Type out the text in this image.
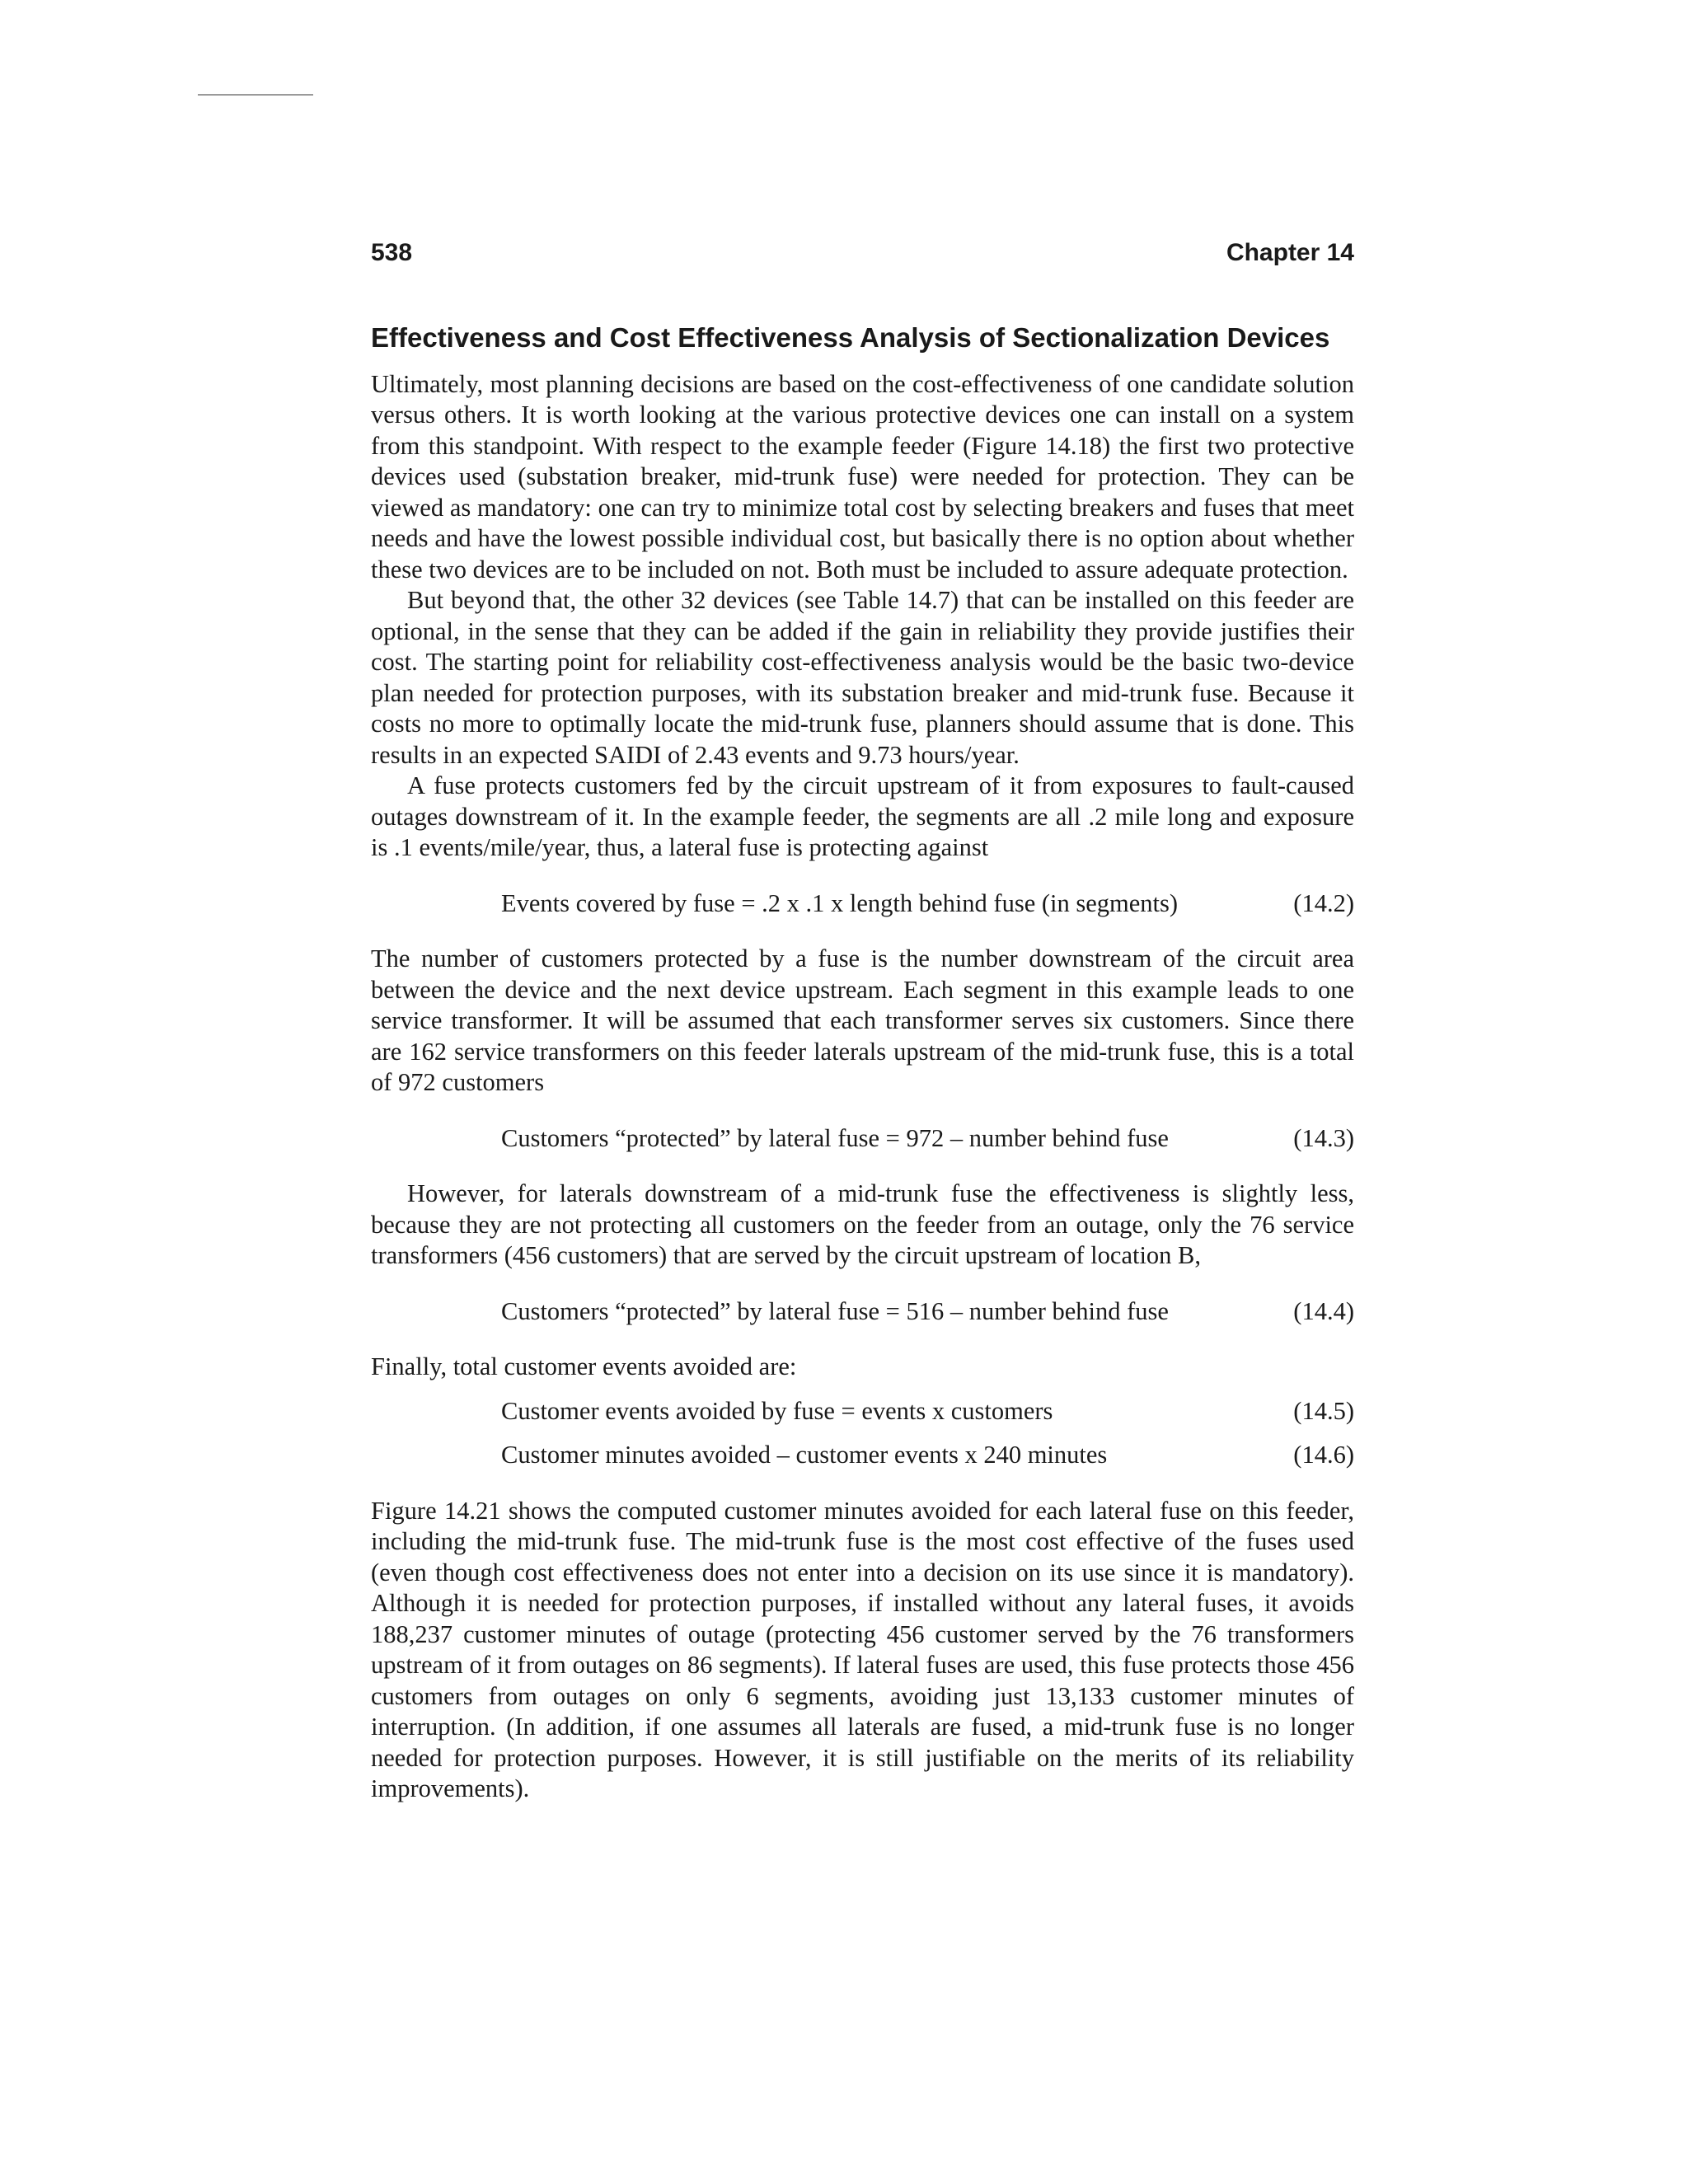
538	Chapter 14
Effectiveness and Cost Effectiveness Analysis of Sectionalization Devices

Ultimately, most planning decisions are based on the cost-effectiveness of one candidate solution versus others. It is worth looking at the various protective devices one can install on a system from this standpoint. With respect to the example feeder (Figure 14.18) the first two protective devices used (substation breaker, mid-trunk fuse) were needed for protection. They can be viewed as mandatory: one can try to minimize total cost by selecting breakers and fuses that meet needs and have the lowest possible individual cost, but basically there is no option about whether these two devices are to be included on not. Both must be included to assure adequate protection.

But beyond that, the other 32 devices (see Table 14.7) that can be installed on this feeder are optional, in the sense that they can be added if the gain in reliability they provide justifies their cost. The starting point for reliability cost-effectiveness analysis would be the basic two-device plan needed for protection purposes, with its substation breaker and mid-trunk fuse. Because it costs no more to optimally locate the mid-trunk fuse, planners should assume that is done. This results in an expected SAIDI of 2.43 events and 9.73 hours/year.

A fuse protects customers fed by the circuit upstream of it from exposures to fault-caused outages downstream of it. In the example feeder, the segments are all .2 mile long and exposure is .1 events/mile/year, thus, a lateral fuse is protecting against

Events covered by fuse = .2 x .1 x length behind fuse (in segments)	(14.2)

The number of customers protected by a fuse is the number downstream of the circuit area between the device and the next device upstream. Each segment in this example leads to one service transformer. It will be assumed that each transformer serves six customers. Since there are 162 service transformers on this feeder laterals upstream of the mid-trunk fuse, this is a total of 972 customers

Customers “protected” by lateral fuse = 972 – number behind fuse	(14.3)

However, for laterals downstream of a mid-trunk fuse the effectiveness is slightly less, because they are not protecting all customers on the feeder from an outage, only the 76 service transformers (456 customers) that are served by the circuit upstream of location B,

Customers “protected” by lateral fuse = 516 – number behind fuse	(14.4)

Finally, total customer events avoided are:

Customer events avoided by fuse = events x customers	(14.5)
Customer minutes avoided – customer events x 240 minutes	(14.6)

Figure 14.21 shows the computed customer minutes avoided for each lateral fuse on this feeder, including the mid-trunk fuse. The mid-trunk fuse is the most cost effective of the fuses used (even though cost effectiveness does not enter into a decision on its use since it is mandatory). Although it is needed for protection purposes, if installed without any lateral fuses, it avoids 188,237 customer minutes of outage (protecting 456 customer served by the 76 transformers upstream of it from outages on 86 segments). If lateral fuses are used, this fuse protects those 456 customers from outages on only 6 segments, avoiding just 13,133 customer minutes of interruption. (In addition, if one assumes all laterals are fused, a mid-trunk fuse is no longer needed for protection purposes. However, it is still justifiable on the merits of its reliability improvements).
